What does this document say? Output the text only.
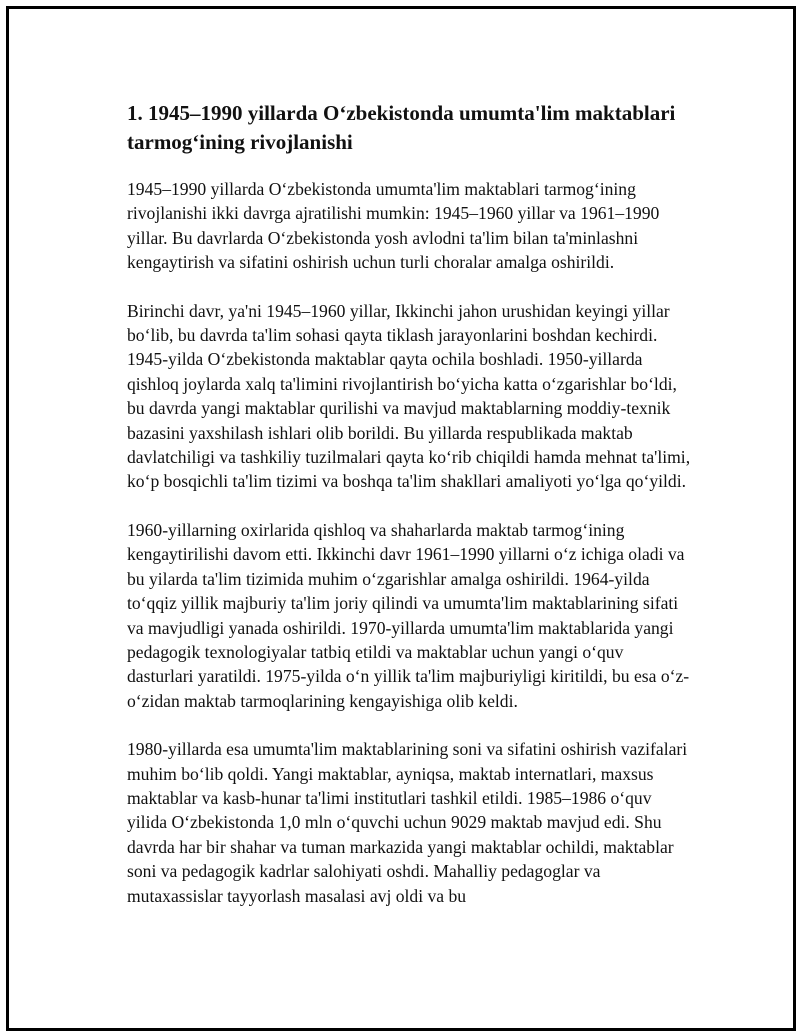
1. 1945–1990 yillarda O‘zbekistonda umumta'lim maktablari tarmog‘ining rivojlanishi

1945–1990 yillarda O‘zbekistonda umumta'lim maktablari tarmog‘ining rivojlanishi ikki davrga ajratilishi mumkin: 1945–1960 yillar va 1961–1990 yillar. Bu davrlarda O‘zbekistonda yosh avlodni ta'lim bilan ta'minlashni kengaytirish va sifatini oshirish uchun turli choralar amalga oshirildi.

Birinchi davr, ya'ni 1945–1960 yillar, Ikkinchi jahon urushidan keyingi yillar bo‘lib, bu davrda ta'lim sohasi qayta tiklash jarayonlarini boshdan kechirdi. 1945-yilda O‘zbekistonda maktablar qayta ochila boshladi. 1950-yillarda qishloq joylarda xalq ta'limini rivojlantirish bo‘yicha katta o‘zgarishlar bo‘ldi, bu davrda yangi maktablar qurilishi va mavjud maktablarning moddiy-texnik bazasini yaxshilash ishlari olib borildi. Bu yillarda respublikada maktab davlatchiligi va tashkiliy tuzilmalari qayta ko‘rib chiqildi hamda mehnat ta'limi, ko‘p bosqichli ta'lim tizimi va boshqa ta'lim shakllari amaliyoti yo‘lga qo‘yildi.

1960-yillarning oxirlarida qishloq va shaharlarda maktab tarmog‘ining kengaytirilishi davom etti. Ikkinchi davr 1961–1990 yillarni o‘z ichiga oladi va bu yilarda ta'lim tizimida muhim o‘zgarishlar amalga oshirildi. 1964-yilda to‘qqiz yillik majburiy ta'lim joriy qilindi va umumta'lim maktablarining sifati va mavjudligi yanada oshirildi. 1970-yillarda umumta'lim maktablarida yangi pedagogik texnologiyalar tatbiq etildi va maktablar uchun yangi o‘quv dasturlari yaratildi. 1975-yilda o‘n yillik ta'lim majburiyligi kiritildi, bu esa o‘z-o‘zidan maktab tarmoqlarining kengayishiga olib keldi.

1980-yillarda esa umumta'lim maktablarining soni va sifatini oshirish vazifalari muhim bo‘lib qoldi. Yangi maktablar, ayniqsa, maktab internatlari, maxsus maktablar va kasb-hunar ta'limi institutlari tashkil etildi. 1985–1986 o‘quv yilida O‘zbekistonda 1,0 mln o‘quvchi uchun 9029 maktab mavjud edi. Shu davrda har bir shahar va tuman markazida yangi maktablar ochildi, maktablar soni va pedagogik kadrlar salohiyati oshdi. Mahalliy pedagoglar va mutaxassislar tayyorlash masalasi avj oldi va bu
